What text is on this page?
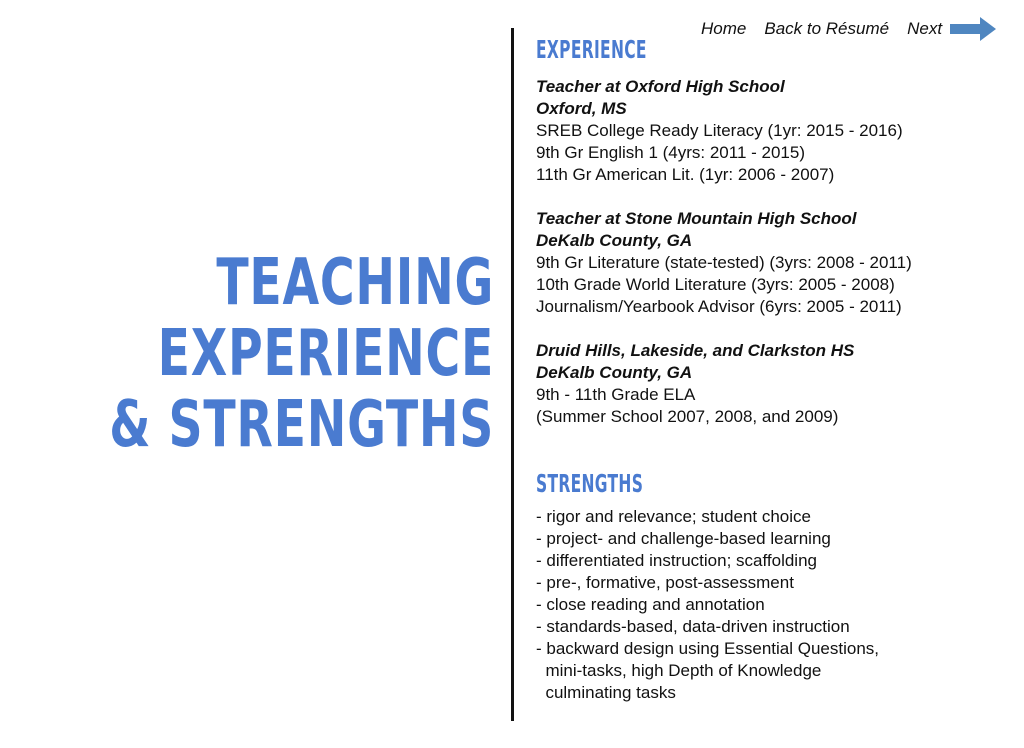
TEACHING
EXPERIENCE
& STRENGTHS
Home Back to Résumé Next
EXPERIENCE
Teacher at Oxford High School
Oxford, MS
SREB College Ready Literacy (1yr: 2015 - 2016)
9th Gr English 1 (4yrs: 2011 - 2015)
11th Gr American Lit. (1yr: 2006 - 2007)
Teacher at Stone Mountain High School
DeKalb County, GA
9th Gr Literature (state-tested) (3yrs: 2008 - 2011)
10th Grade World Literature (3yrs: 2005 - 2008)
Journalism/Yearbook Advisor (6yrs: 2005 - 2011)
Druid Hills, Lakeside, and Clarkston HS
DeKalb County, GA
9th - 11th Grade ELA
(Summer School 2007, 2008, and 2009)
STRENGTHS
- rigor and relevance; student choice
- project- and challenge-based learning
- differentiated instruction; scaffolding
- pre-, formative, post-assessment
- close reading and annotation
- standards-based, data-driven instruction
- backward design using Essential Questions,
mini-tasks, high Depth of Knowledge
culminating tasks
